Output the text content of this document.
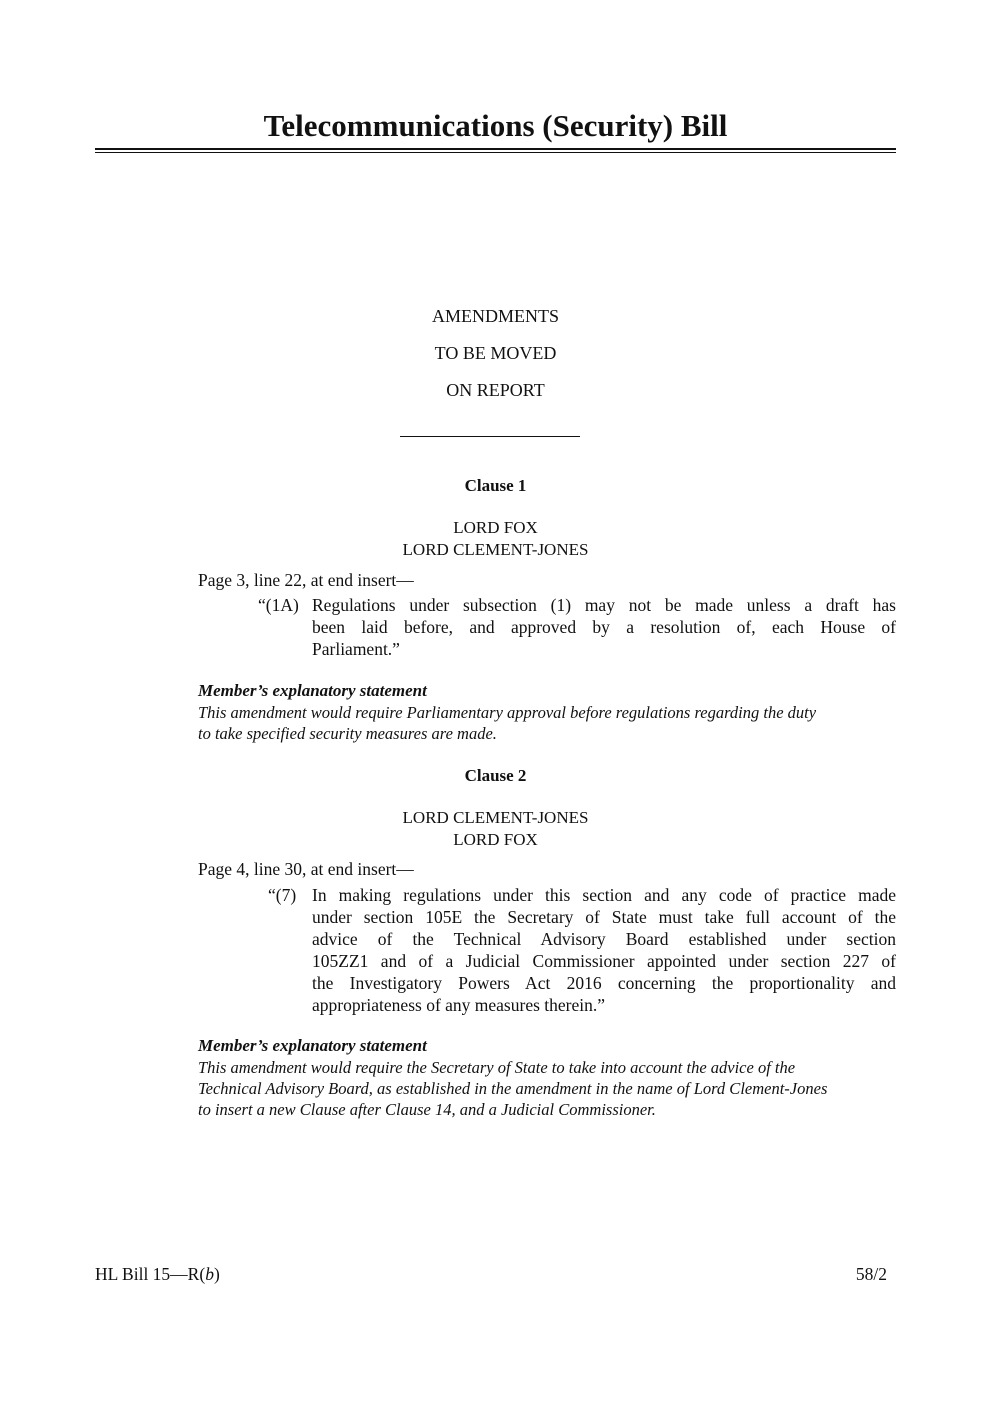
Telecommunications (Security) Bill
AMENDMENTS
TO BE MOVED
ON REPORT
Clause 1
LORD FOX
LORD CLEMENT-JONES
Page 3, line 22, at end insert—
“(1A) Regulations under subsection (1) may not be made unless a draft has
been laid before, and approved by a resolution of, each House of
Parliament.”
Member’s explanatory statement
This amendment would require Parliamentary approval before regulations regarding the duty
to take specified security measures are made.
Clause 2
LORD CLEMENT-JONES
LORD FOX
Page 4, line 30, at end insert—
“(7) In making regulations under this section and any code of practice made
under section 105E the Secretary of State must take full account of the
advice of the Technical Advisory Board established under section
105ZZ1 and of a Judicial Commissioner appointed under section 227 of
the Investigatory Powers Act 2016 concerning the proportionality and
appropriateness of any measures therein.”
Member’s explanatory statement
This amendment would require the Secretary of State to take into account the advice of the
Technical Advisory Board, as established in the amendment in the name of Lord Clement-Jones
to insert a new Clause after Clause 14, and a Judicial Commissioner.
HL Bill 15—R(b)	58/2
